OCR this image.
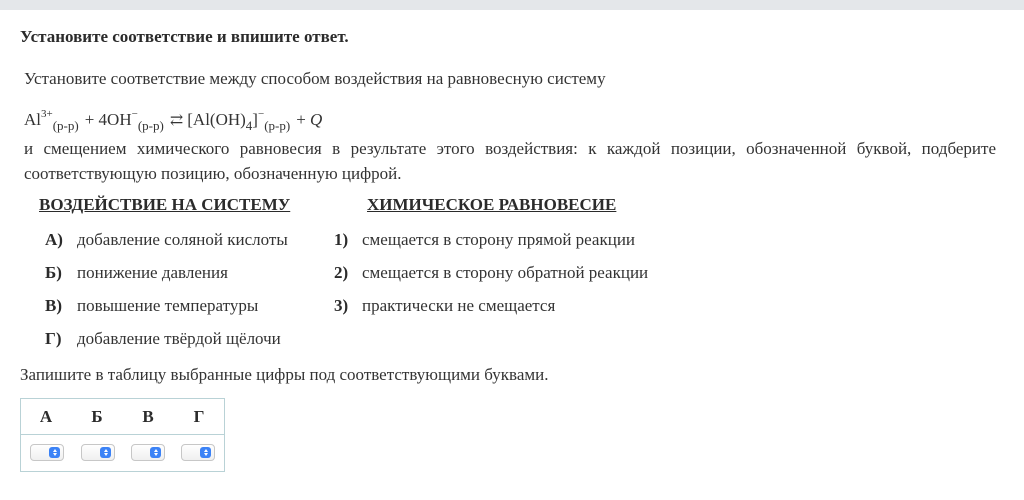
Установите соответствие и впишите ответ.
Установите соответствие между способом воздействия на равновесную систему
$Al^{3+}_{(р-р)} + 4OH^-_{(р-р)}$ ⇄ $[Al(OH)_4]^-_{(р-р)} + Q$
и смещением химического равновесия в результате этого воздействия: к каждой позиции, обозначенной буквой, подберите соответствующую позицию, обозначенную цифрой.
ВОЗДЕЙСТВИЕ НА СИСТЕМУ	ХИМИЧЕСКОЕ РАВНОВЕСИЕ
А) добавление соляной кислоты
Б) понижение давления
В) повышение температуры
Г) добавление твёрдой щёлочи
1) смещается в сторону прямой реакции
2) смещается в сторону обратной реакции
3) практически не смещается
Запишите в таблицу выбранные цифры под соответствующими буквами.
А	Б	В	Г
